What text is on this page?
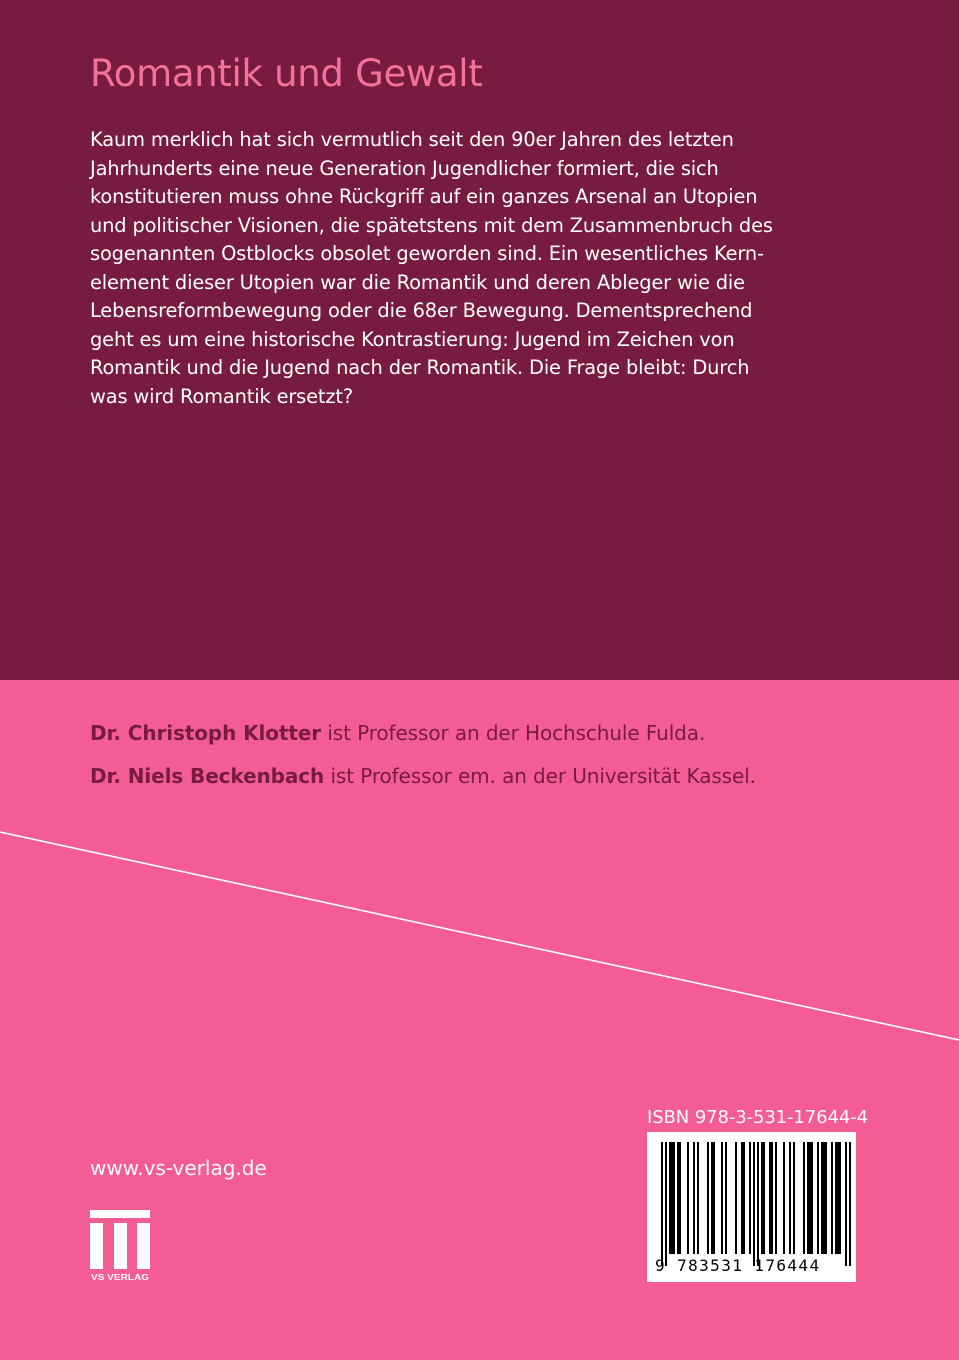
Romantik und Gewalt

Kaum merklich hat sich vermutlich seit den 90er Jahren des letzten
Jahrhunderts eine neue Generation Jugendlicher formiert, die sich
konstitutieren muss ohne Rückgriff auf ein ganzes Arsenal an Utopien
und politischer Visionen, die spätetstens mit dem Zusammenbruch des
sogenannten Ostblocks obsolet geworden sind. Ein wesentliches Kern-
element dieser Utopien war die Romantik und deren Ableger wie die
Lebensreformbewegung oder die 68er Bewegung. Dementsprechend
geht es um eine historische Kontrastierung: Jugend im Zeichen von
Romantik und die Jugend nach der Romantik. Die Frage bleibt: Durch
was wird Romantik ersetzt?

Dr. Christoph Klotter ist Professor an der Hochschule Fulda.

Dr. Niels Beckenbach ist Professor em. an der Universität Kassel.

www.vs-verlag.de
VS VERLAG
ISBN 978-3-531-17644-4
9 783531 176444
